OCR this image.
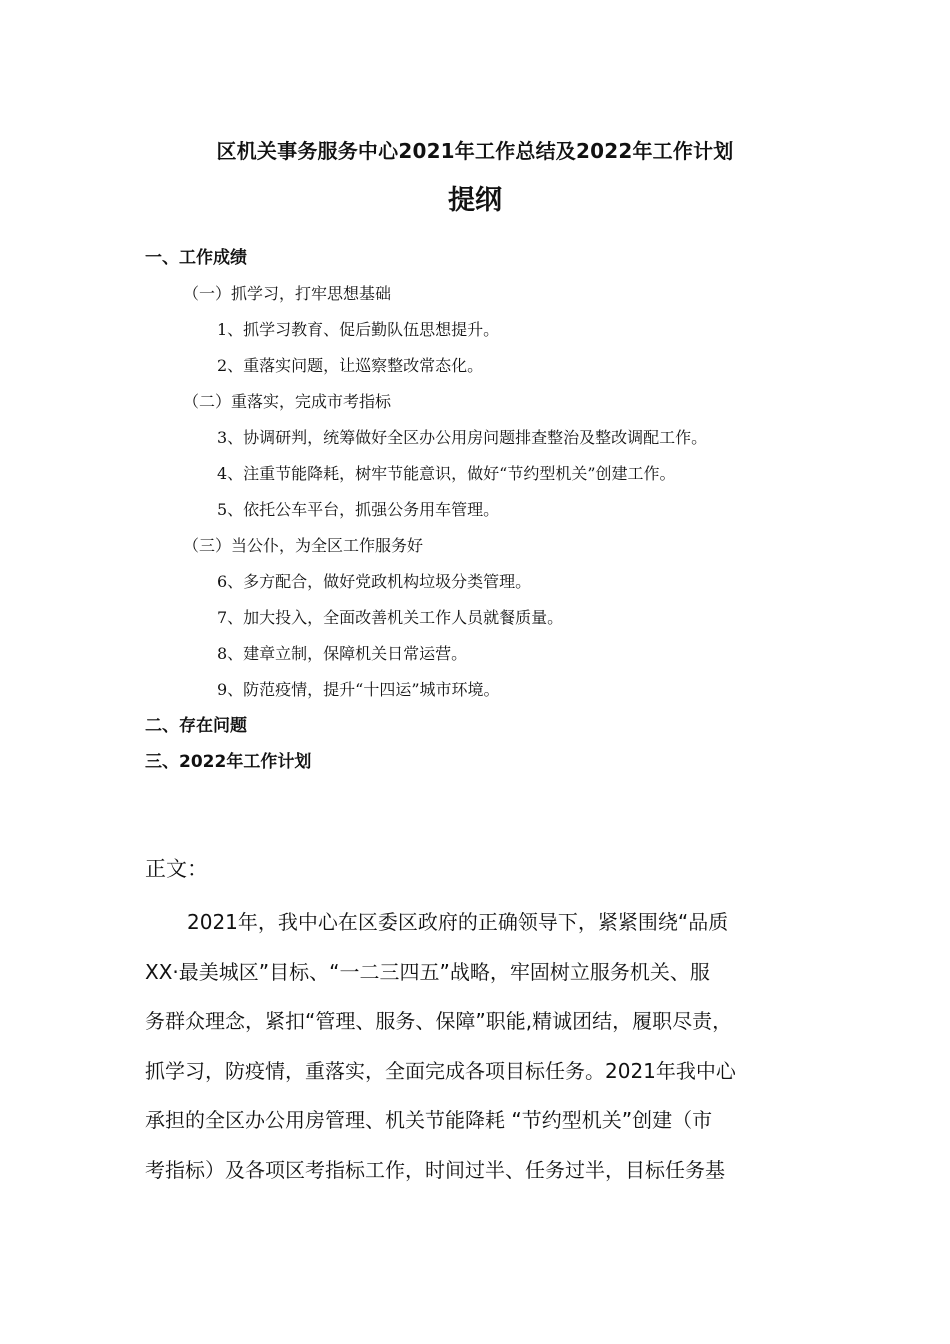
区机关事务服务中心2021年工作总结及2022年工作计划
提纲
一、工作成绩
（一）抓学习，打牢思想基础
1、抓学习教育、促后勤队伍思想提升。
2、重落实问题，让巡察整改常态化。
（二）重落实，完成市考指标
3、协调研判，统筹做好全区办公用房问题排查整治及整改调配工作。
4、注重节能降耗，树牢节能意识，做好“节约型机关”创建工作。
5、依托公车平台，抓强公务用车管理。
（三）当公仆，为全区工作服务好
6、多方配合，做好党政机构垃圾分类管理。
7、加大投入，全面改善机关工作人员就餐质量。
8、建章立制，保障机关日常运营。
9、防范疫情，提升“十四运”城市环境。
二、存在问题
三、2022年工作计划
正文：
2021年，我中心在区委区政府的正确领导下，紧紧围绕“品质
XX·最美城区”目标、“一二三四五”战略，牢固树立服务机关、服
务群众理念，紧扣“管理、服务、保障”职能,精诚团结，履职尽责，
抓学习，防疫情，重落实，全面完成各项目标任务。2021年我中心
承担的全区办公用房管理、机关节能降耗 “节约型机关”创建（市
考指标）及各项区考指标工作，时间过半、任务过半，目标任务基
